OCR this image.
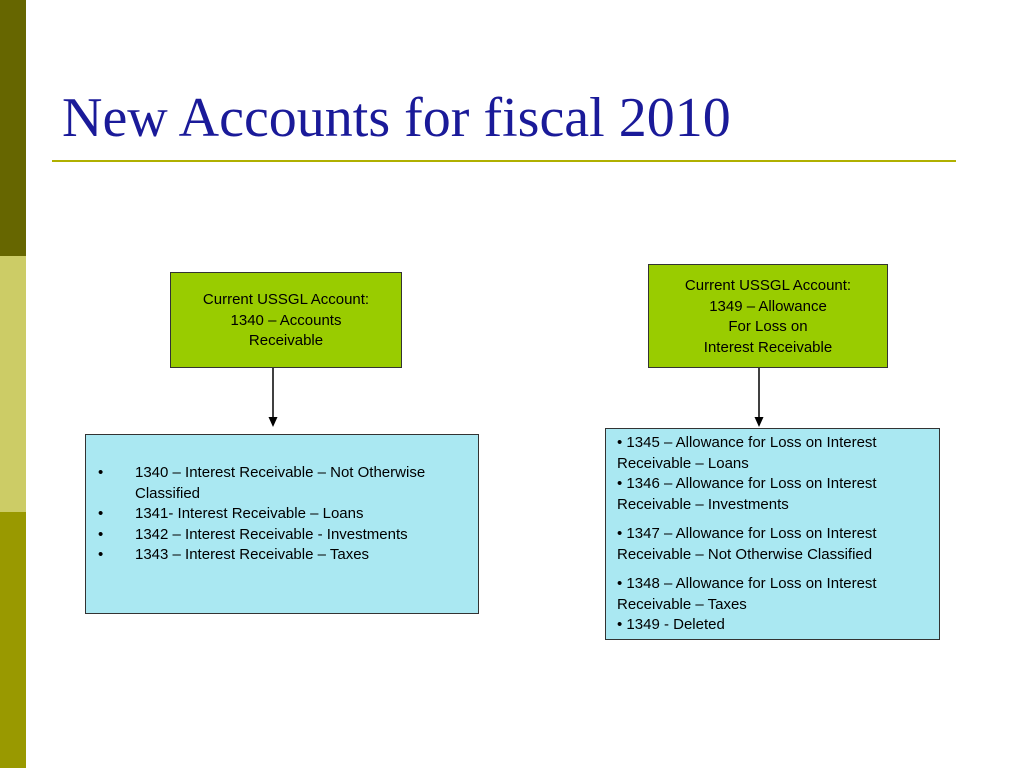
New Accounts for fiscal 2010
Current USSGL Account:
1340 – Accounts
Receivable
Current USSGL Account:
1349 – Allowance
For Loss on
Interest Receivable
• 1340 – Interest Receivable – Not Otherwise Classified
• 1341- Interest Receivable – Loans
• 1342 – Interest Receivable - Investments
• 1343 – Interest Receivable – Taxes

• 1345 – Allowance for Loss on Interest Receivable – Loans

• 1346 – Allowance for Loss on Interest Receivable – Investments

• 1347 – Allowance for Loss on Interest Receivable – Not Otherwise Classified

• 1348 – Allowance for Loss on Interest Receivable – Taxes

• 1349 - Deleted
